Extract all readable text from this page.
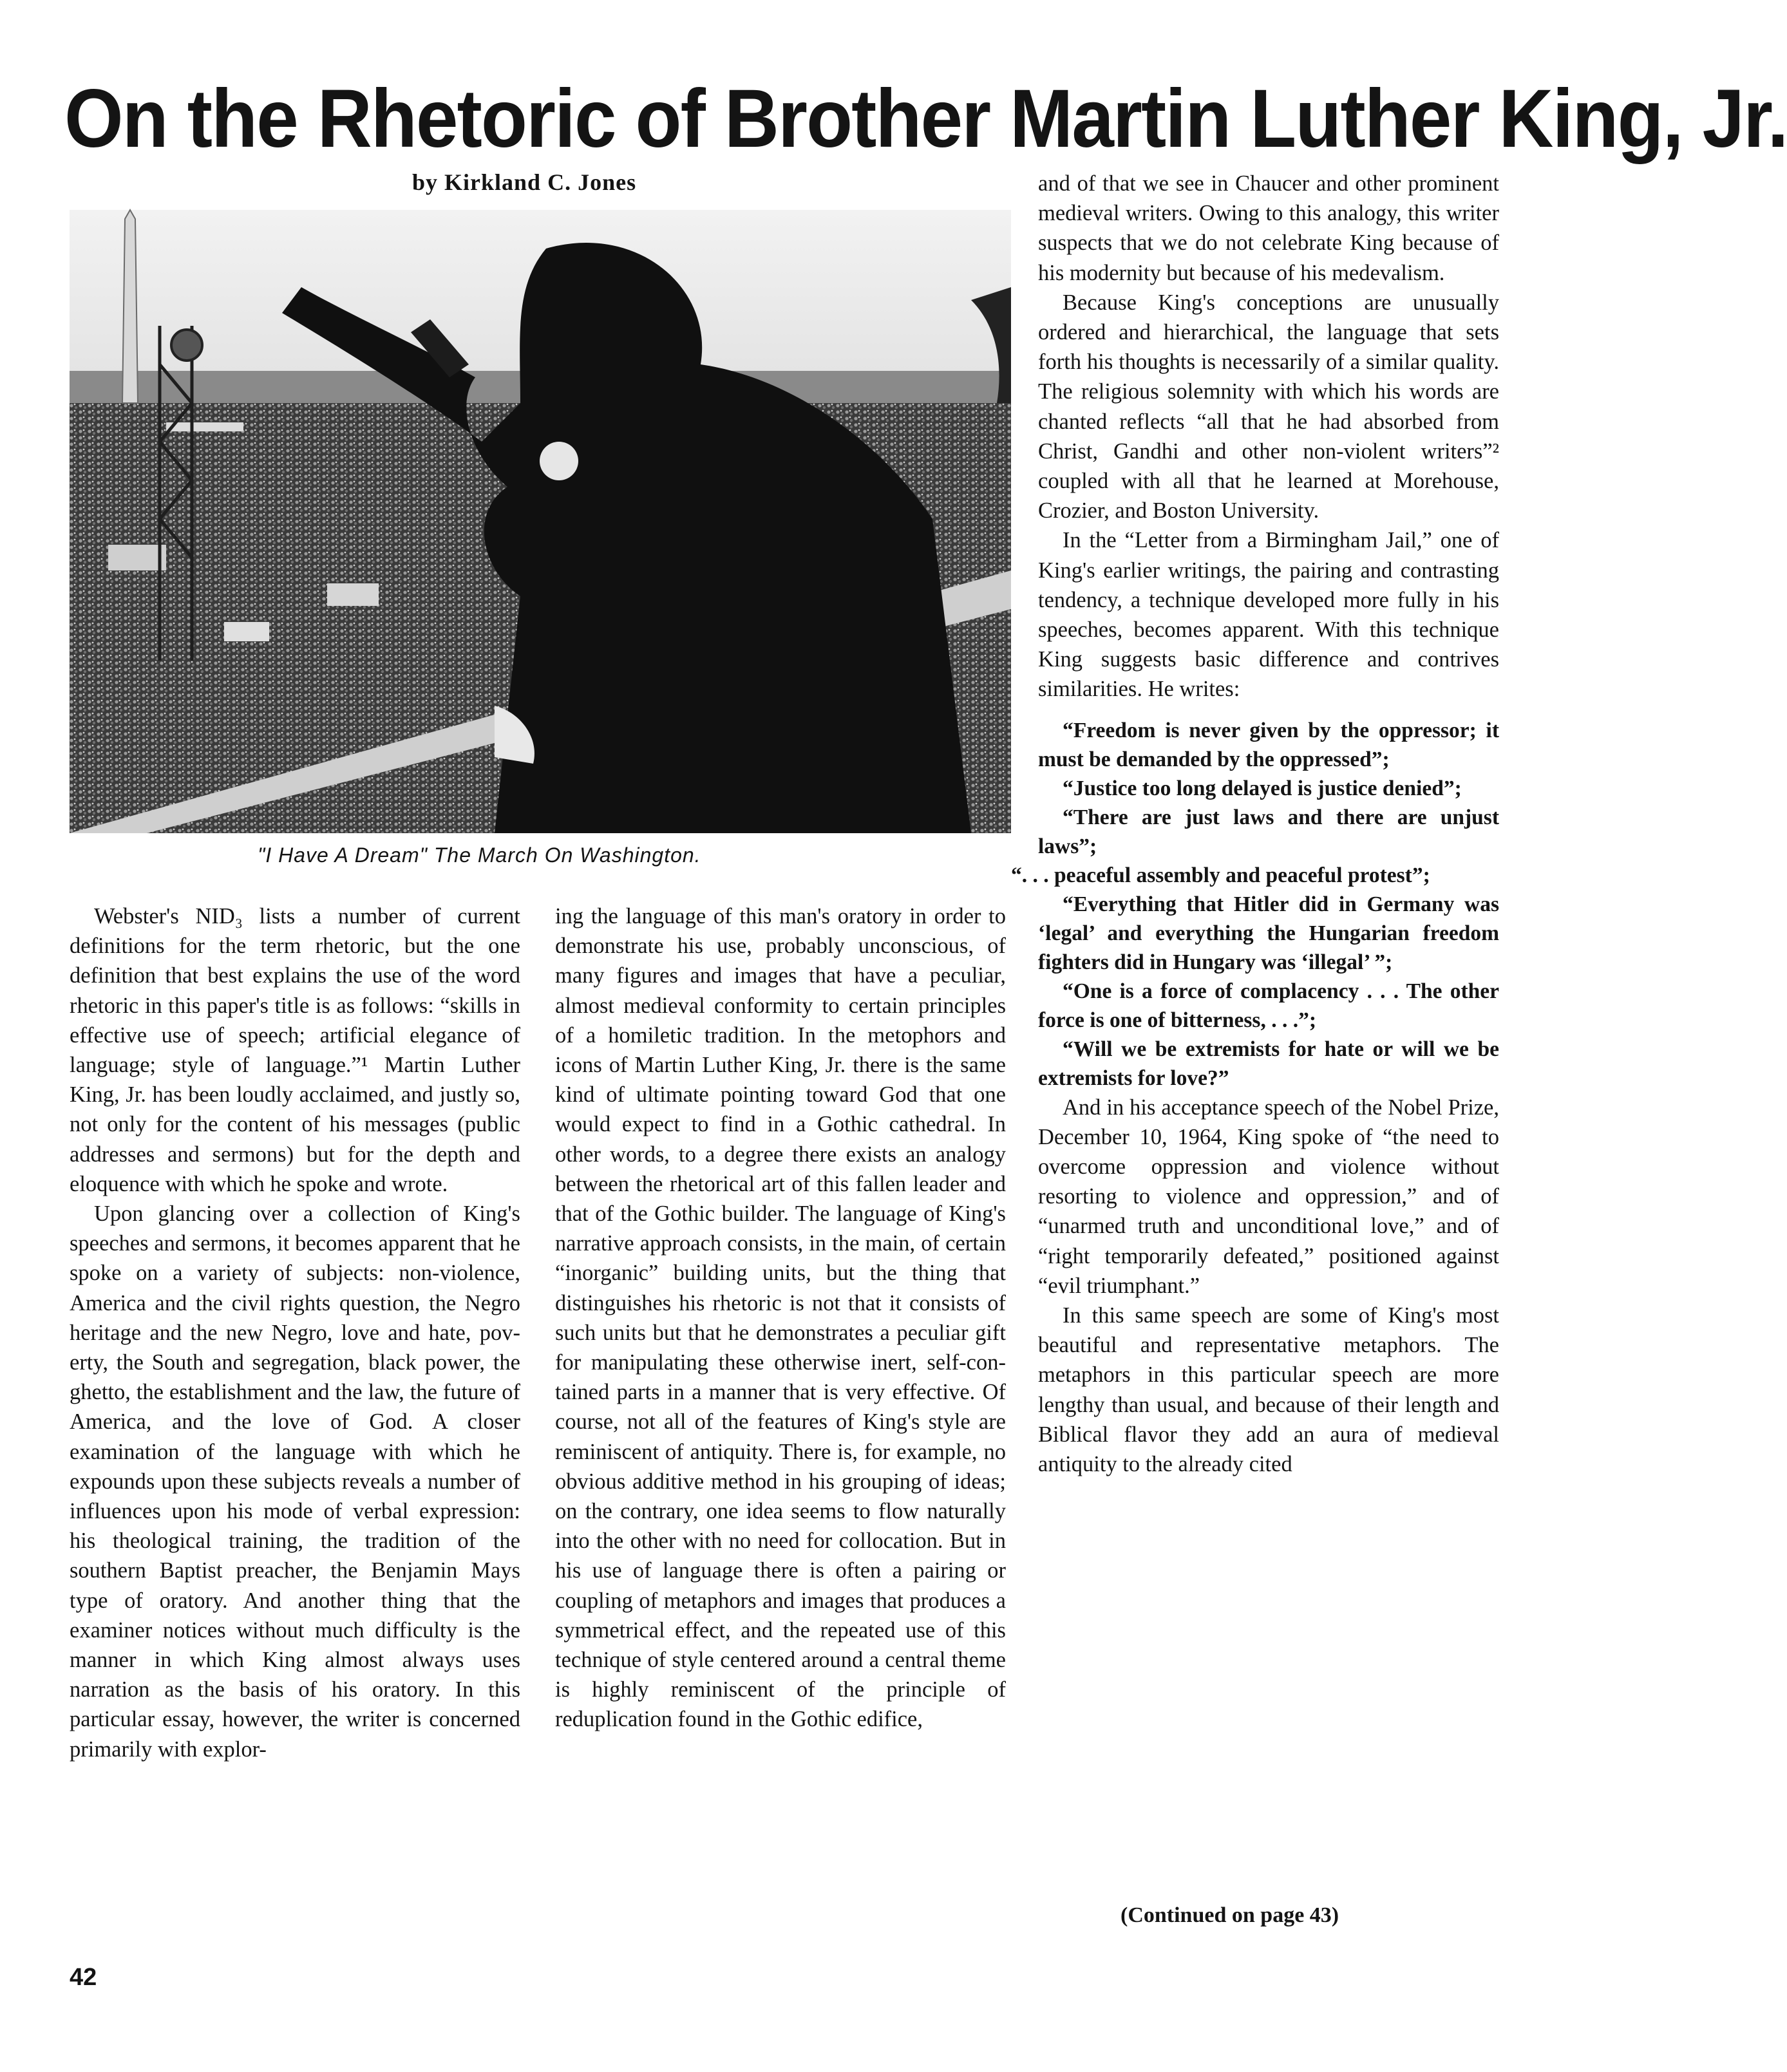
On the Rhetoric of Brother Martin Luther King, Jr.

by Kirkland C. Jones

"I Have A Dream" The March On Washington.

Webster's NID₃ lists a number of current definitions for the term rhetoric, but the one definition that best explains the use of the word rhetoric in this paper's title is as follows: “skills in effective use of speech; artificial elegance of language; style of language.”¹ Martin Luther King, Jr. has been loudly acclaimed, and justly so, not only for the content of his messages (public addresses and sermons) but for the depth and eloquence with which he spoke and wrote.

Upon glancing over a collection of King's speeches and sermons, it becomes apparent that he spoke on a variety of subjects: non-violence, America and the civil rights question, the Negro heritage and the new Negro, love and hate, poverty, the South and segregation, black power, the ghetto, the establishment and the law, the future of America, and the love of God. A closer examination of the language with which he expounds upon these subjects reveals a number of influences upon his mode of verbal expression: his theological training, the tradition of the southern Baptist preacher, the Benjamin Mays type of oratory. And another thing that the examiner notices without much difficulty is the manner in which King almost always uses narration as the basis of his oratory. In this particular essay, however, the writer is concerned primarily with explor-

ing the language of this man's oratory in order to demonstrate his use, probably unconscious, of many figures and images that have a peculiar, almost medieval conformity to certain principles of a homiletic tradition. In the metophors and icons of Martin Luther King, Jr. there is the same kind of ultimate pointing toward God that one would expect to find in a Gothic cathedral. In other words, to a degree there exists an analogy between the rhetorical art of this fallen leader and that of the Gothic builder. The language of King's narrative approach consists, in the main, of certain “inorganic” building units, but the thing that distinguishes his rhetoric is not that it consists of such units but that he demonstrates a peculiar gift for manipulating these otherwise inert, self-contained parts in a manner that is very effective. Of course, not all of the features of King's style are reminiscent of antiquity. There is, for example, no obvious additive method in his grouping of ideas; on the contrary, one idea seems to flow naturally into the other with no need for collocation. But in his use of language there is often a pairing or coupling of metaphors and images that produces a symmetrical effect, and the repeated use of this technique of style centered around a central theme is highly reminiscent of the principle of reduplication found in the Gothic edifice,

and of that we see in Chaucer and other prominent medieval writers. Owing to this analogy, this writer suspects that we do not celebrate King because of his modernity but because of his medevalism.

Because King's conceptions are unusually ordered and hierarchical, the language that sets forth his thoughts is necessarily of a similar quality. The religious solemnity with which his words are chanted reflects “all that he had absorbed from Christ, Gandhi and other non-violent writers”² coupled with all that he learned at Morehouse, Crozier, and Boston University.

In the “Letter from a Birmingham Jail,” one of King's earlier writings, the pairing and contrasting tendency, a technique developed more fully in his speeches, becomes apparent. With this technique King suggests basic difference and contrives similarities. He writes:

“Freedom is never given by the oppressor; it must be demanded by the oppressed”;

“Justice too long delayed is justice denied”;

“There are just laws and there are unjust laws”;

“. . . peaceful assembly and peaceful protest”;

“Everything that Hitler did in Germany was ‘legal’ and everything the Hungarian freedom fighters did in Hungary was ‘illegal’ ”;

“One is a force of complacency . . . The other force is one of bitterness, . . .”;

“Will we be extremists for hate or will we be extremists for love?”

And in his acceptance speech of the Nobel Prize, December 10, 1964, King spoke of “the need to overcome oppression and violence without resorting to violence and oppression,” and of “unarmed truth and unconditional love,” and of “right temporarily defeated,” positioned against “evil triumphant.”

In this same speech are some of King's most beautiful and representative metaphors. The metaphors in this particular speech are more lengthy than usual, and because of their length and Biblical flavor they add an aura of medieval antiquity to the already cited

(Continued on page 43)

42
